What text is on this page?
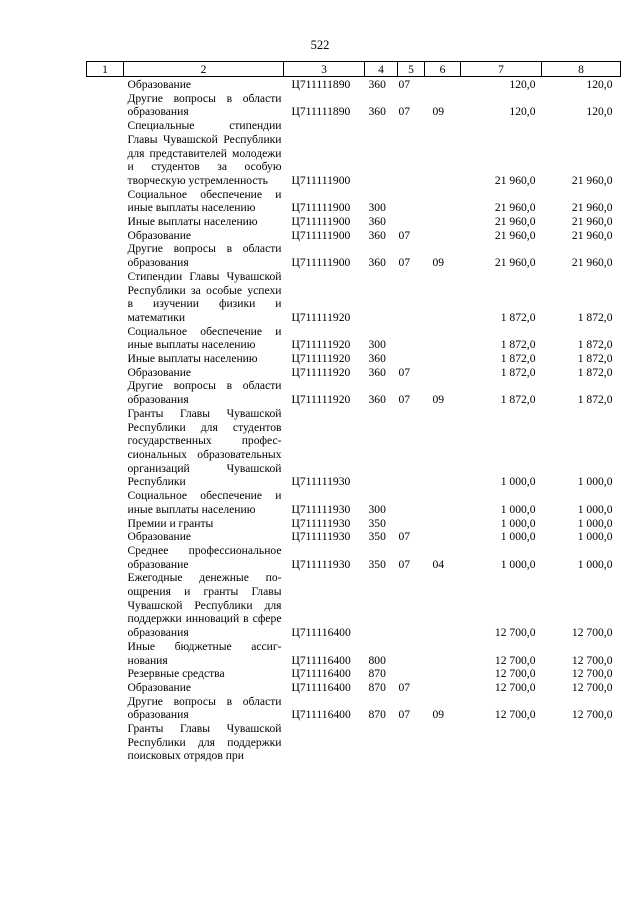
522
1	2	3	4	5	6	7	8
	Образование	Ц711111890	360	07		120,0	120,0
	Другие вопросы в области образования	Ц711111890	360	07	09	120,0	120,0
	Специальные стипендии Главы Чувашской Республики для представителей молодежи и студентов за особую творческую устремленность	Ц711111900				21 960,0	21 960,0
	Социальное обеспечение и иные выплаты населению	Ц711111900	300			21 960,0	21 960,0
	Иные выплаты населению	Ц711111900	360			21 960,0	21 960,0
	Образование	Ц711111900	360	07		21 960,0	21 960,0
	Другие вопросы в области образования	Ц711111900	360	07	09	21 960,0	21 960,0
	Стипендии Главы Чувашской Республики за особые успехи в изучении физики и математики	Ц711111920				1 872,0	1 872,0
	Социальное обеспечение и иные выплаты населению	Ц711111920	300			1 872,0	1 872,0
	Иные выплаты населению	Ц711111920	360			1 872,0	1 872,0
	Образование	Ц711111920	360	07		1 872,0	1 872,0
	Другие вопросы в области образования	Ц711111920	360	07	09	1 872,0	1 872,0
	Гранты Главы Чувашской Республики для студентов государственных профессиональных образовательных организаций Чувашской Республики	Ц711111930				1 000,0	1 000,0
	Социальное обеспечение и иные выплаты населению	Ц711111930	300			1 000,0	1 000,0
	Премии и гранты	Ц711111930	350			1 000,0	1 000,0
	Образование	Ц711111930	350	07		1 000,0	1 000,0
	Среднее профессиональное образование	Ц711111930	350	07	04	1 000,0	1 000,0
	Ежегодные денежные поощрения и гранты Главы Чувашской Республики для поддержки инноваций в сфере образования	Ц711116400				12 700,0	12 700,0
	Иные бюджетные ассигнования	Ц711116400	800			12 700,0	12 700,0
	Резервные средства	Ц711116400	870			12 700,0	12 700,0
	Образование	Ц711116400	870	07		12 700,0	12 700,0
	Другие вопросы в области образования	Ц711116400	870	07	09	12 700,0	12 700,0
	Гранты Главы Чувашской Республики для поддержки поисковых отрядов при						
